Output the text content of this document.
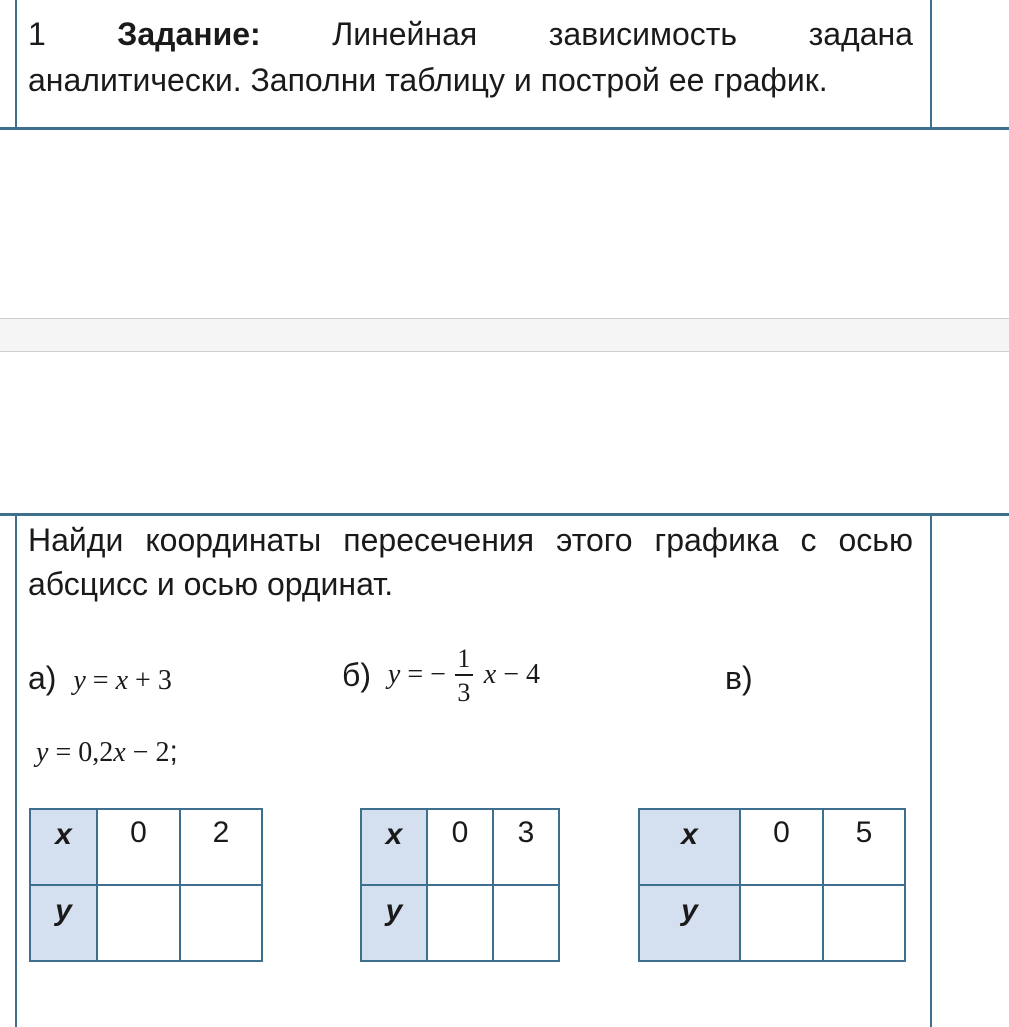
1 Задание: Линейная зависимость задана
аналитически. Заполни таблицу и построй ее график.
Найди координаты пересечения этого графика с осью
абсцисс и осью ординат.
а) y = x + 3	б) y = − $\frac{1}{3}$ x − 4	в)
y = 0,2x − 2;
x	0	2
y		
x	0	3
y		
x	0	5
y		
